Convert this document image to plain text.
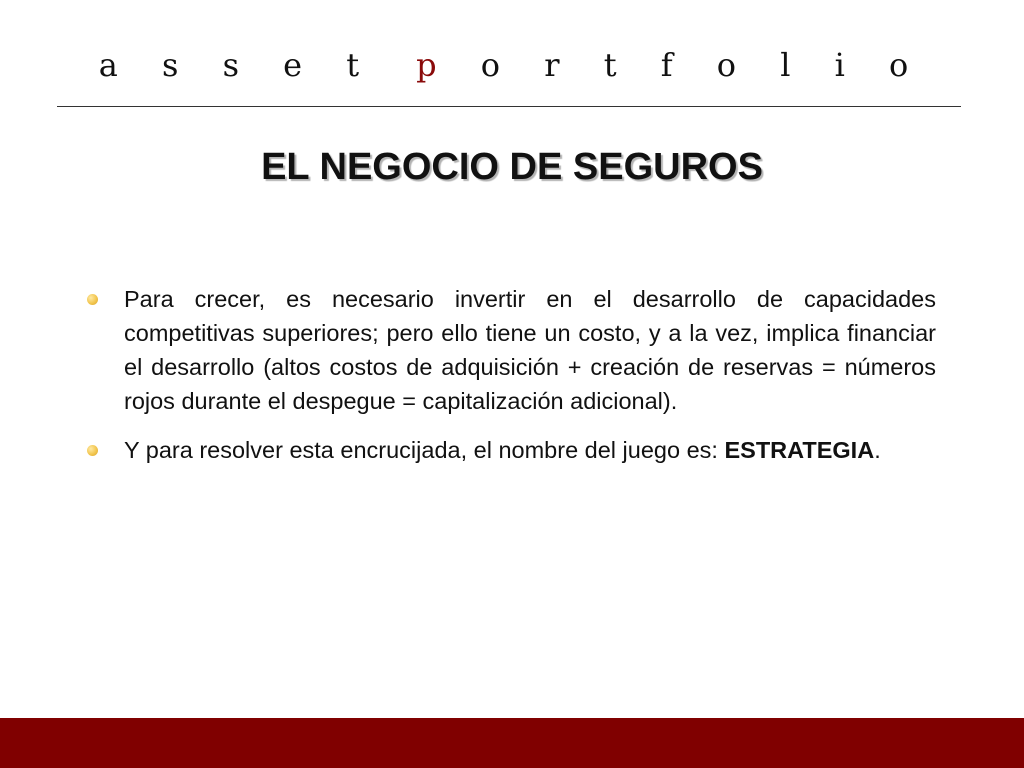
a s s e t p o r t f o l i o
EL NEGOCIO DE SEGUROS
Para crecer, es necesario invertir en el desarrollo de capacidades competitivas superiores; pero ello tiene un costo, y a la vez, implica financiar el desarrollo (altos costos de adquisición + creación de reservas = números rojos durante el despegue = capitalización adicional).
Y para resolver esta encrucijada, el nombre del juego es: ESTRATEGIA.
